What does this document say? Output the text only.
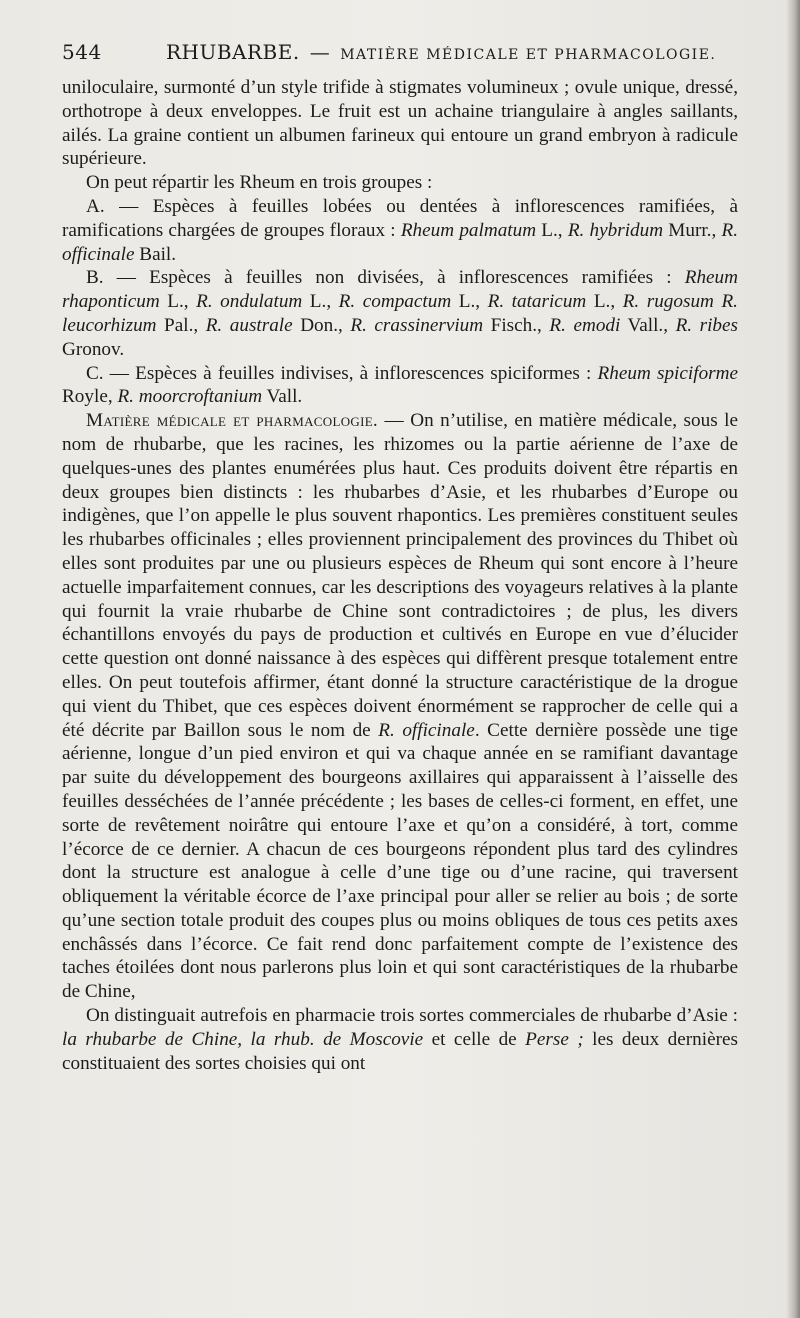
544	RHUBARBE. — MATIÈRE MÉDICALE ET PHARMACOLOGIE.

uniloculaire, surmonté d’un style trifide à stigmates volumineux ; ovule unique, dressé, orthotrope à deux enveloppes. Le fruit est un achaine triangulaire à angles saillants, ailés. La graine contient un albumen farineux qui entoure un grand embryon à radicule supérieure.

On peut répartir les Rheum en trois groupes :

A. — Espèces à feuilles lobées ou dentées à inflorescences ramifiées, à ramifications chargées de groupes floraux : Rheum palmatum L., R. hybridum Murr., R. officinale Bail.

B. — Espèces à feuilles non divisées, à inflorescences ramifiées : Rheum rhaponticum L., R. ondulatum L., R. compactum L., R. tataricum L., R. rugosum R. leucorhizum Pal., R. australe Don., R. crassinervium Fisch., R. emodi Vall., R. ribes Gronov.

C. — Espèces à feuilles indivises, à inflorescences spiciformes : Rheum spiciforme Royle, R. moorcroftanium Vall.

Matière médicale et pharmacologie. — On n’utilise, en matière médicale, sous le nom de rhubarbe, que les racines, les rhizomes ou la partie aérienne de l’axe de quelques-unes des plantes enumérées plus haut. Ces produits doivent être répartis en deux groupes bien distincts : les rhubarbes d’Asie, et les rhubarbes d’Europe ou indigènes, que l’on appelle le plus souvent rhapontics. Les premières constituent seules les rhubarbes officinales ; elles proviennent principalement des provinces du Thibet où elles sont produites par une ou plusieurs espèces de Rheum qui sont encore à l’heure actuelle imparfaitement connues, car les descriptions des voyageurs relatives à la plante qui fournit la vraie rhubarbe de Chine sont contradictoires ; de plus, les divers échantillons envoyés du pays de production et cultivés en Europe en vue d’élucider cette question ont donné naissance à des espèces qui diffèrent presque totalement entre elles. On peut toutefois affirmer, étant donné la structure caractéristique de la drogue qui vient du Thibet, que ces espèces doivent énormément se rapprocher de celle qui a été décrite par Baillon sous le nom de R. officinale. Cette dernière possède une tige aérienne, longue d’un pied environ et qui va chaque année en se ramifiant davantage par suite du développement des bourgeons axillaires qui apparaissent à l’aisselle des feuilles desséchées de l’année précédente ; les bases de celles-ci forment, en effet, une sorte de revêtement noirâtre qui entoure l’axe et qu’on a considéré, à tort, comme l’écorce de ce dernier. A chacun de ces bourgeons répondent plus tard des cylindres dont la structure est analogue à celle d’une tige ou d’une racine, qui traversent obliquement la véritable écorce de l’axe principal pour aller se relier au bois ; de sorte qu’une section totale produit des coupes plus ou moins obliques de tous ces petits axes enchâssés dans l’écorce. Ce fait rend donc parfaitement compte de l’existence des taches étoilées dont nous parlerons plus loin et qui sont caractéristiques de la rhubarbe de Chine,

On distinguait autrefois en pharmacie trois sortes commerciales de rhubarbe d’Asie : la rhubarbe de Chine, la rhub. de Moscovie et celle de Perse ; les deux dernières constituaient des sortes choisies qui ont
